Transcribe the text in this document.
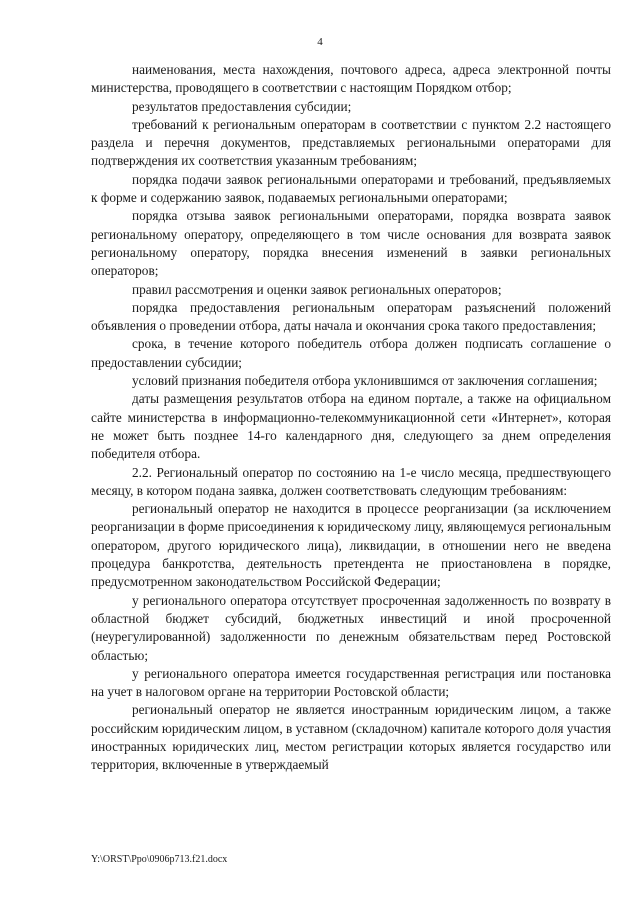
4

наименования, места нахождения, почтового адреса, адреса электронной почты министерства, проводящего в соответствии с настоящим Порядком отбор;

результатов предоставления субсидии;

требований к региональным операторам в соответствии с пунктом 2.2 настоящего раздела и перечня документов, представляемых региональными операторами для подтверждения их соответствия указанным требованиям;

порядка подачи заявок региональными операторами и требований, предъявляемых к форме и содержанию заявок, подаваемых региональными операторами;

порядка отзыва заявок региональными операторами, порядка возврата заявок региональному оператору, определяющего в том числе основания для возврата заявок региональному оператору, порядка внесения изменений в заявки региональных операторов;

правил рассмотрения и оценки заявок региональных операторов;

порядка предоставления региональным операторам разъяснений положений объявления о проведении отбора, даты начала и окончания срока такого предоставления;

срока, в течение которого победитель отбора должен подписать соглашение о предоставлении субсидии;

условий признания победителя отбора уклонившимся от заключения соглашения;

даты размещения результатов отбора на едином портале, а также на официальном сайте министерства в информационно-телекоммуникационной сети «Интернет», которая не может быть позднее 14-го календарного дня, следующего за днем определения победителя отбора.

2.2. Региональный оператор по состоянию на 1-е число месяца, предшествующего месяцу, в котором подана заявка, должен соответствовать следующим требованиям:

региональный оператор не находится в процессе реорганизации (за исключением реорганизации в форме присоединения к юридическому лицу, являющемуся региональным оператором, другого юридического лица), ликвидации, в отношении него не введена процедура банкротства, деятельность претендента не приостановлена в порядке, предусмотренном законодательством Российской Федерации;

у регионального оператора отсутствует просроченная задолженность по возврату в областной бюджет субсидий, бюджетных инвестиций и иной просроченной (неурегулированной) задолженности по денежным обязательствам перед Ростовской областью;

у регионального оператора имеется государственная регистрация или постановка на учет в налоговом органе на территории Ростовской области;

региональный оператор не является иностранным юридическим лицом, а также российским юридическим лицом, в уставном (складочном) капитале которого доля участия иностранных юридических лиц, местом регистрации которых является государство или территория, включенные в утверждаемый

Y:\ORST\Ppo\0906p713.f21.docx
